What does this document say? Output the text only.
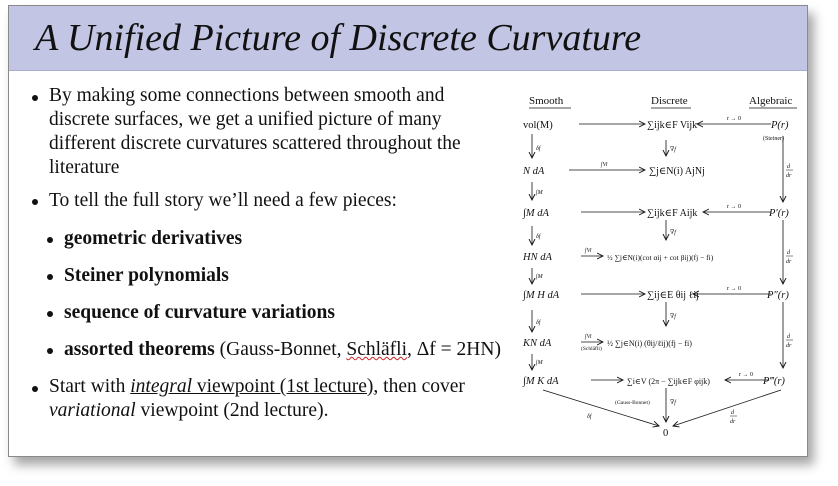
A Unified Picture of Discrete Curvature
By making some connections between smooth and
discrete surfaces, we get a unified picture of many
different discrete curvatures scattered throughout the
literature
To tell the full story we’ll need a few pieces:
geometric derivatives
Steiner polynomials
sequence of curvature variations
assorted theorems (Gauss-Bonnet, Schläfli, Δf = 2HN)
Start with integral viewpoint (1st lecture), then cover
variational viewpoint (2nd lecture).
Smooth	Discrete	Algebraic
vol(M)
N dA
∫M dA
HN dA
∫M H dA
KN dA
∫M K dA
∑ijk∈F Vijk
∑j∈N(i) AjNj
∑ijk∈F Aijk
½ ∑j∈N(i)(cot αij + cot βij)(fj − fi)
∑ij∈E θij ℓij
½ ∑j∈N(i) (θij/ℓij)(fj − fi)
∑i∈V (2π − ∑ijk∈F φijk)
0
P(r)
(Steiner)
P′(r)
P″(r)
P‴(r)
r → 0
r → 0
r → 0
r → 0
δf
∫M
δf
∫M
δf
∫M
δf
∇f
∇f
∇f
∇f
∫Vi
∫Vi
∫Vi
(Schläfli)
(Gauss-Bonnet)
d
dr
d
dr
d
dr
d
dr
